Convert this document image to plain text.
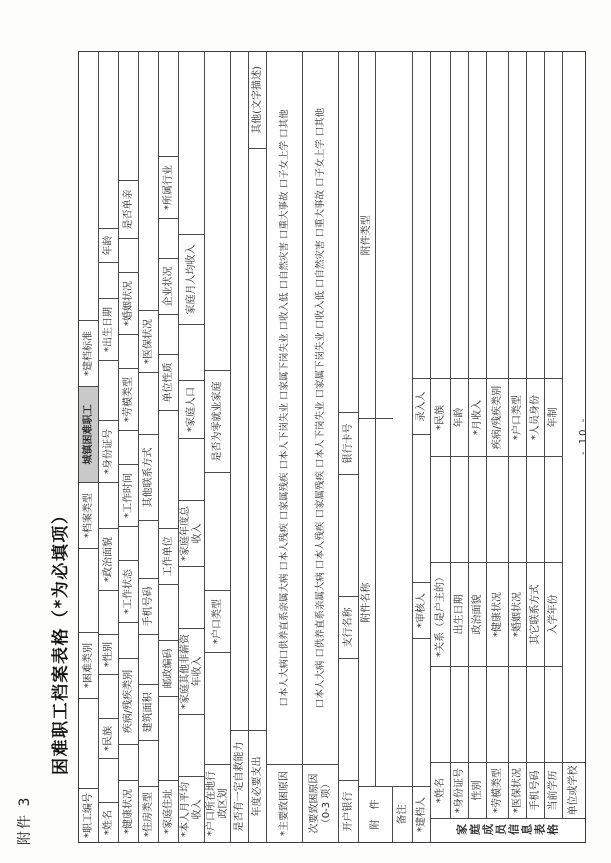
附件 3
困难职工档案表格（*为必填项）
*职工编号
*困难类别
*档案类型
城镇困难职工
*建档标准
*姓名
*民族
*性别
*政治面貌
*身份证号
*出生日期
年龄
*健康状况
疾病/残疾类别
*工作状态
*工作时间
*劳模类型
*婚姻状况
是否单亲
*住房类型
建筑面积
手机号码
其他联系方式
*医保状况
*家庭住址
邮政编码
工作单位
单位性质
企业状况
*所属行业
*本人月平均收入
*家庭其他非薪资年收入
*家庭年度总收入
*家庭人口
家庭月人均收入
*户口所在地行政区划
*户口类型
是否为零就业家庭
是否有一定自救能力 年度必要支出
其他(文字描述)
*主要致困原因
口本人大病口供养直系亲属大病 口本人残疾 口家属残疾 口本人下岗失业 口家属下岗失业 口收入低 口自然灾害 口重大事故 口子女上学 口其他
次要致困原因（0-3 项）
口本人大病 口供养直系亲属大病 口本人残疾 口家属残疾 口本人下岗失业 口家属下岗失业 口收入低 口自然灾害 口重大事故 口子女上学 口其他
开户银行
支行名称
银行卡号
附　件
附件名称
附件类型
备注 *建档人
*审核人
录入人
家庭成员信息表格
*姓名
*关系（是户主的）
*民族
*身份证号
出生日期
年龄
性别
政治面貌
*月收入
*劳模类型
*健康状况
疾病/残疾类别
*医保状况
*婚姻状况
*户口类型
手机号码
其它联系方式
*人员身份
当前学历
入学年份
年制
单位或学校
- 10 -
